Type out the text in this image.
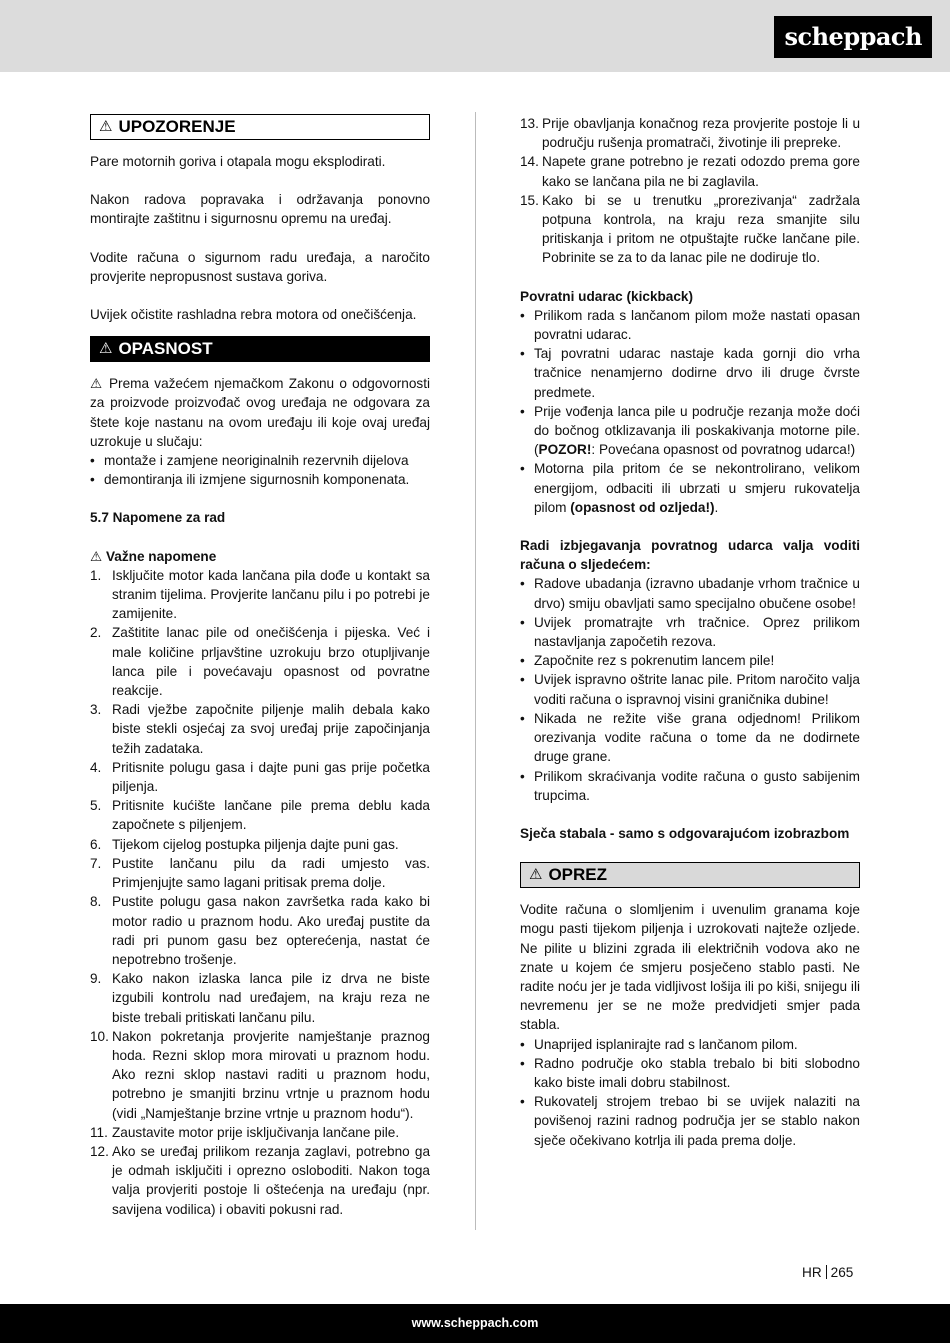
scheppach
⚠ UPOZORENJE

Pare motornih goriva i otapala mogu eksplodirati.

Nakon radova popravaka i održavanja ponovno montirajte zaštitnu i sigurnosnu opremu na uređaj.

Vodite računa o sigurnom radu uređaja, a naročito provjerite nepropusnost sustava goriva.

Uvijek očistite rashladna rebra motora od onečišćenja.

⚠ OPASNOST

⚠ Prema važećem njemačkom Zakonu o odgovornosti za proizvode proizvođač ovog uređaja ne odgovara za štete koje nastanu na ovom uređaju ili koje ovaj uređaj uzrokuje u slučaju:

• montaže i zamjene neoriginalnih rezervnih dijelova
• demontiranja ili izmjene sigurnosnih komponenata.

5.7 Napomene za rad

⚠ Važne napomene

1. Isključite motor kada lančana pila dođe u kontakt sa stranim tijelima. Provjerite lančanu pilu i po potrebi je zamijenite.
2. Zaštitite lanac pile od onečišćenja i pijeska. Već i male količine prljavštine uzrokuju brzo otupljivanje lanca pile i povećavaju opasnost od povratne reakcije.
3. Radi vježbe započnite piljenje malih debala kako biste stekli osjećaj za svoj uređaj prije započinjanja težih zadataka.
4. Pritisnite polugu gasa i dajte puni gas prije početka piljenja.
5. Pritisnite kućište lančane pile prema deblu kada započnete s piljenjem.
6. Tijekom cijelog postupka piljenja dajte puni gas.
7. Pustite lančanu pilu da radi umjesto vas. Primjenjujte samo lagani pritisak prema dolje.
8. Pustite polugu gasa nakon završetka rada kako bi motor radio u praznom hodu. Ako uređaj pustite da radi pri punom gasu bez opterećenja, nastat će nepotrebno trošenje.
9. Kako nakon izlaska lanca pile iz drva ne biste izgubili kontrolu nad uređajem, na kraju reza ne biste trebali pritiskati lančanu pilu.
10. Nakon pokretanja provjerite namještanje praznog hoda. Rezni sklop mora mirovati u praznom hodu. Ako rezni sklop nastavi raditi u praznom hodu, potrebno je smanjiti brzinu vrtnje u praznom hodu (vidi „Namještanje brzine vrtnje u praznom hodu“).
11. Zaustavite motor prije isključivanja lančane pile.
12. Ako se uređaj prilikom rezanja zaglavi, potrebno ga je odmah isključiti i oprezno osloboditi. Nakon toga valja provjeriti postoje li oštećenja na uređaju (npr. savijena vodilica) i obaviti pokusni rad.
13. Prije obavljanja konačnog reza provjerite postoje li u području rušenja promatrači, životinje ili prepreke.
14. Napete grane potrebno je rezati odozdo prema gore kako se lančana pila ne bi zaglavila.
15. Kako bi se u trenutku „prorezivanja“ zadržala potpuna kontrola, na kraju reza smanjite silu pritiskanja i pritom ne otpuštajte ručke lančane pile. Pobrinite se za to da lanac pile ne dodiruje tlo.

Povratni udarac (kickback)

• Prilikom rada s lančanom pilom može nastati opasan povratni udarac.
• Taj povratni udarac nastaje kada gornji dio vrha tračnice nenamjerno dodirne drvo ili druge čvrste predmete.
• Prije vođenja lanca pile u područje rezanja može doći do bočnog otklizavanja ili poskakivanja motorne pile. (POZOR!: Povećana opasnost od povratnog udarca!)
• Motorna pila pritom će se nekontrolirano, velikom energijom, odbaciti ili ubrzati u smjeru rukovatelja pilom (opasnost od ozljeda!).

Radi izbjegavanja povratnog udarca valja voditi računa o sljedećem:

• Radove ubadanja (izravno ubadanje vrhom tračnice u drvo) smiju obavljati samo specijalno obučene osobe!
• Uvijek promatrajte vrh tračnice. Oprez prilikom nastavljanja započetih rezova.
• Započnite rez s pokrenutim lancem pile!
• Uvijek ispravno oštrite lanac pile. Pritom naročito valja voditi računa o ispravnoj visini graničnika dubine!
• Nikada ne režite više grana odjednom! Prilikom orezivanja vodite računa o tome da ne dodirnete druge grane.
• Prilikom skraćivanja vodite računa o gusto sabijenim trupcima.

Sječa stabala - samo s odgovarajućom izobrazbom

⚠ OPREZ

Vodite računa o slomljenim i uvenulim granama koje mogu pasti tijekom piljenja i uzrokovati najteže ozljede. Ne pilite u blizini zgrada ili električnih vodova ako ne znate u kojem će smjeru posječeno stablo pasti. Ne radite noću jer je tada vidljivost lošija ili po kiši, snijegu ili nevremenu jer se ne može predvidjeti smjer pada stabla.

• Unaprijed isplanirajte rad s lančanom pilom.
• Radno područje oko stabla trebalo bi biti slobodno kako biste imali dobru stabilnost.
• Rukovatelj strojem trebao bi se uvijek nalaziti na povišenoj razini radnog područja jer se stablo nakon sječe očekivano kotrlja ili pada prema dolje.
HR 265
www.scheppach.com
